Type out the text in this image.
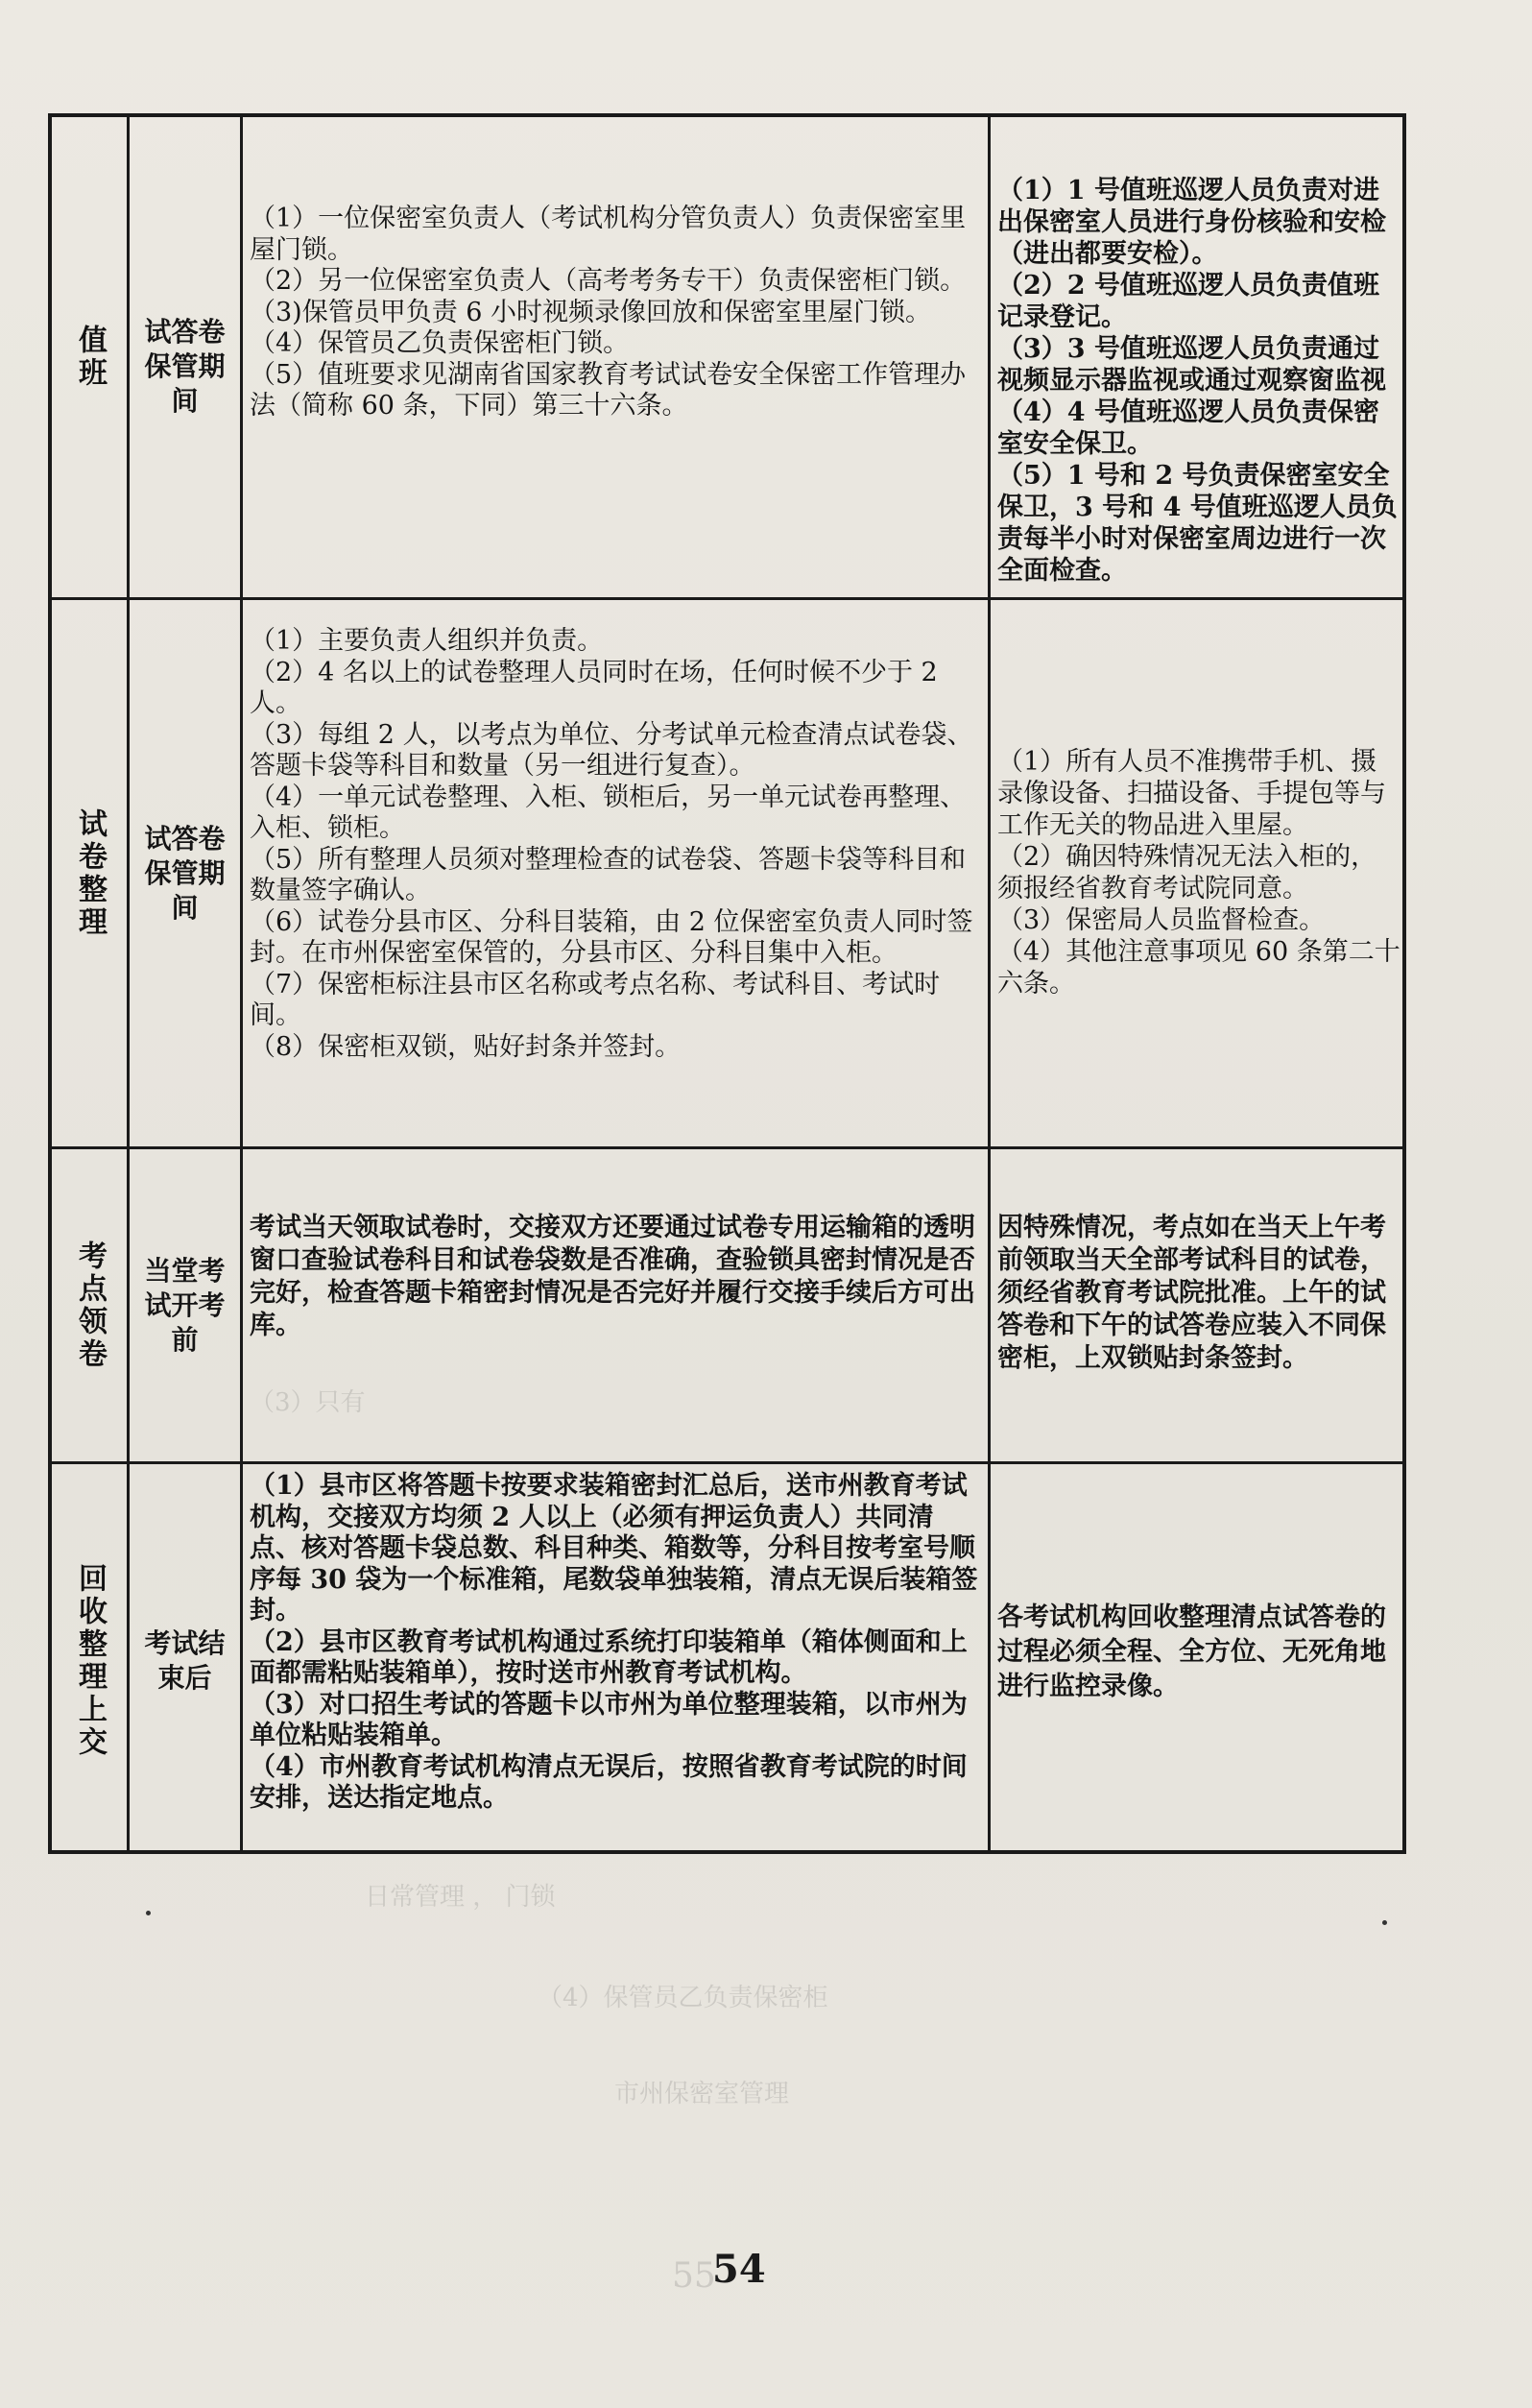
（3）只有
日常管理 ， 门锁
（4）保管员乙负责保密柜
市州保密室管理
值班 试答卷保管期间

（1）一位保密室负责人（考试机构分管负责人）负责保密室里屋门锁。

（2）另一位保密室负责人（高考考务专干）负责保密柜门锁。

（3)保管员甲负责 6 小时视频录像回放和保密室里屋门锁。

（4）保管员乙负责保密柜门锁。

（5）值班要求见湖南省国家教育考试试卷安全保密工作管理办法（简称 60 条，下同）第三十六条。

（1）1 号值班巡逻人员负责对进出保密室人员进行身份核验和安检（进出都要安检）。

（2）2 号值班巡逻人员负责值班记录登记。

（3）3 号值班巡逻人员负责通过视频显示器监视或通过观察窗监视

（4）4 号值班巡逻人员负责保密室安全保卫。

（5）1 号和 2 号负责保密室安全保卫，3 号和 4 号值班巡逻人员负责每半小时对保密室周边进行一次全面检查。

试卷整理 试答卷保管期间

（1）主要负责人组织并负责。

（2）4 名以上的试卷整理人员同时在场，任何时候不少于 2 人。

（3）每组 2 人，以考点为单位、分考试单元检查清点试卷袋、答题卡袋等科目和数量（另一组进行复查）。

（4）一单元试卷整理、入柜、锁柜后，另一单元试卷再整理、入柜、锁柜。

（5）所有整理人员须对整理检查的试卷袋、答题卡袋等科目和数量签字确认。

（6）试卷分县市区、分科目装箱，由 2 位保密室负责人同时签封。在市州保密室保管的，分县市区、分科目集中入柜。

（7）保密柜标注县市区名称或考点名称、考试科目、考试时间。

（8）保密柜双锁，贴好封条并签封。

（1）所有人员不准携带手机、摄录像设备、扫描设备、手提包等与工作无关的物品进入里屋。

（2）确因特殊情况无法入柜的，须报经省教育考试院同意。

（3）保密局人员监督检查。

（4）其他注意事项见 60 条第二十六条。

考点领卷 当堂考试开考前

考试当天领取试卷时，交接双方还要通过试卷专用运输箱的透明窗口查验试卷科目和试卷袋数是否准确，查验锁具密封情况是否完好，检查答题卡箱密封情况是否完好并履行交接手续后方可出库。

因特殊情况，考点如在当天上午考前领取当天全部考试科目的试卷，须经省教育考试院批准。上午的试答卷和下午的试答卷应装入不同保密柜，上双锁贴封条签封。

回收整理上交 考试结束后

（1）县市区将答题卡按要求装箱密封汇总后，送市州教育考试机构，交接双方均须 2 人以上（必须有押运负责人）共同清点、核对答题卡袋总数、科目种类、箱数等，分科目按考室号顺序每 30 袋为一个标准箱，尾数袋单独装箱，清点无误后装箱签封。

（2）县市区教育考试机构通过系统打印装箱单（箱体侧面和上面都需粘贴装箱单），按时送市州教育考试机构。

（3）对口招生考试的答题卡以市州为单位整理装箱，以市州为单位粘贴装箱单。

（4）市州教育考试机构清点无误后，按照省教育考试院的时间安排，送达指定地点。

各考试机构回收整理清点试答卷的过程必须全程、全方位、无死角地进行监控录像。

55
54
